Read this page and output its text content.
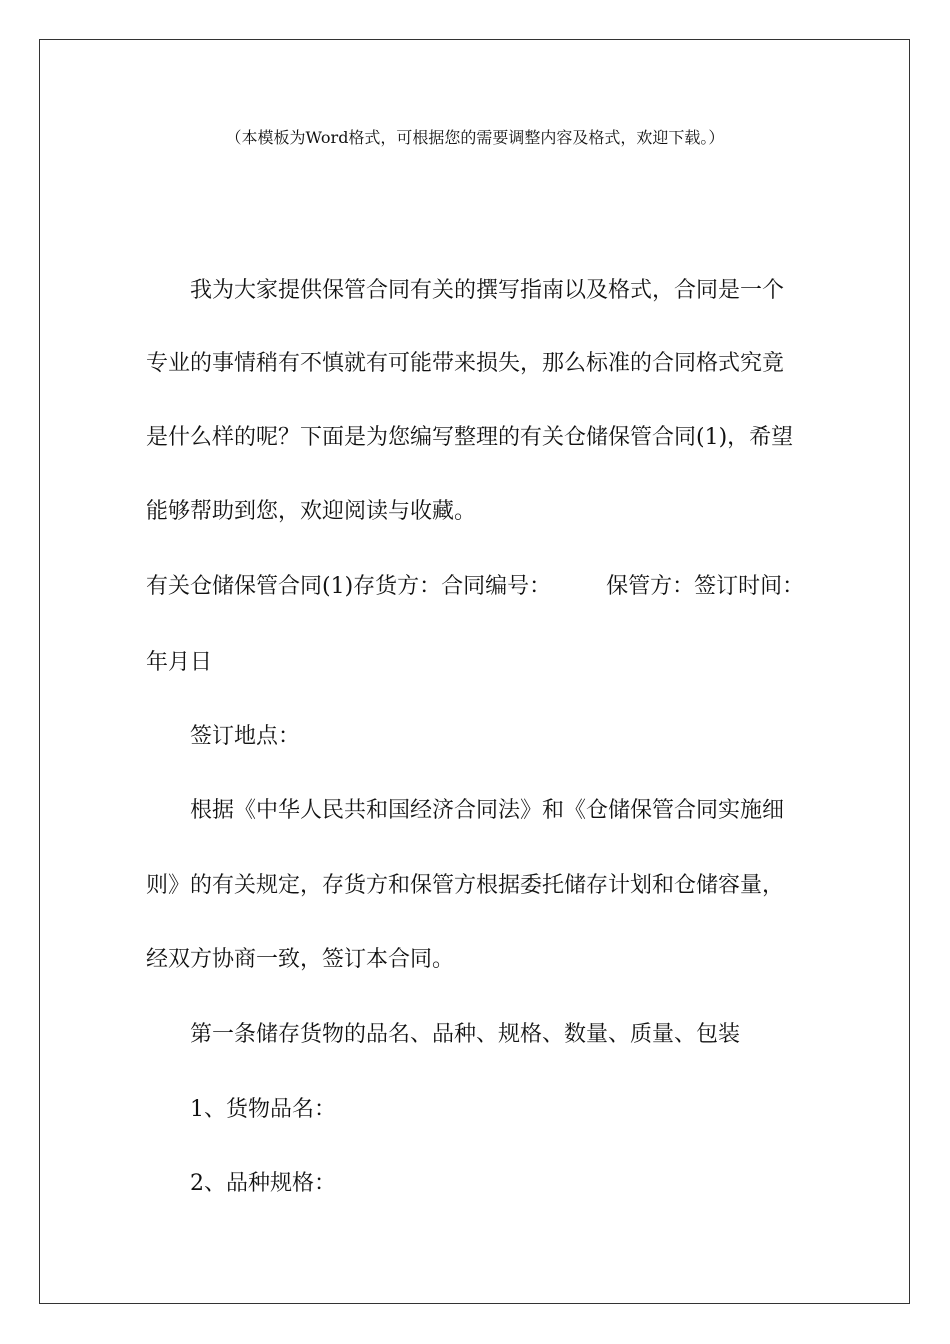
（本模板为Word格式，可根据您的需要调整内容及格式，欢迎下载。）
我为大家提供保管合同有关的撰写指南以及格式，合同是一个
专业的事情稍有不慎就有可能带来损失，那么标准的合同格式究竟
是什么样的呢？下面是为您编写整理的有关仓储保管合同(1)，希望
能够帮助到您，欢迎阅读与收藏。
有关仓储保管合同(1)存货方：合同编号：　　　保管方：签订时间：
年月日
签订地点：
根据《中华人民共和国经济合同法》和《仓储保管合同实施细
则》的有关规定，存货方和保管方根据委托储存计划和仓储容量，
经双方协商一致，签订本合同。
第一条储存货物的品名、品种、规格、数量、质量、包装
1、货物品名：
2、品种规格：
